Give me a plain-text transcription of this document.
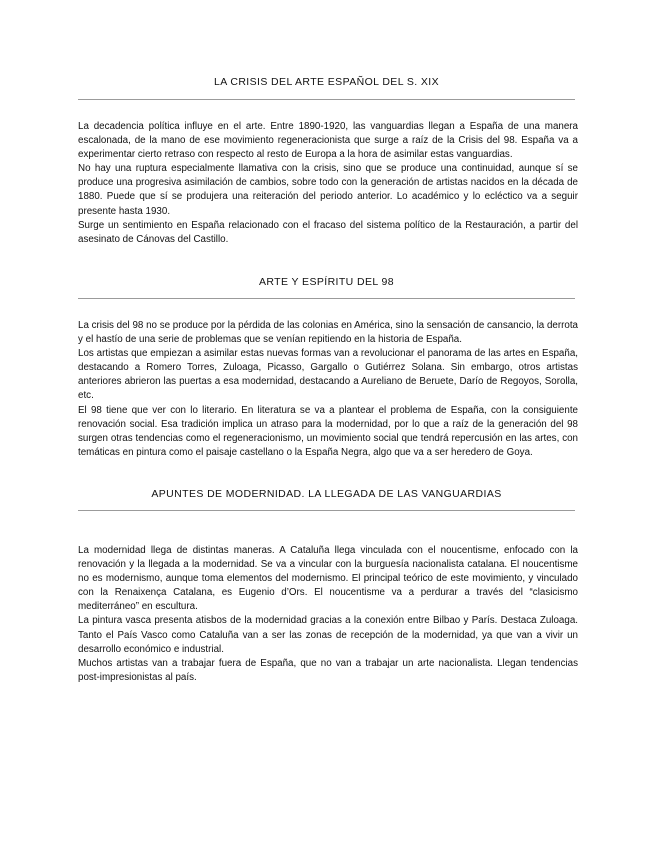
LA CRISIS DEL ARTE ESPAÑOL DEL S. XIX

La decadencia política influye en el arte. Entre 1890-1920, las vanguardias llegan a España de una manera escalonada, de la mano de ese movimiento regeneracionista que surge a raíz de la Crisis del 98. España va a experimentar cierto retraso con respecto al resto de Europa a la hora de asimilar estas vanguardias.

No hay una ruptura especialmente llamativa con la crisis, sino que se produce una continuidad, aunque sí se produce una progresiva asimilación de cambios, sobre todo con la generación de artistas nacidos en la década de 1880. Puede que sí se produjera una reiteración del periodo anterior. Lo académico y lo ecléctico va a seguir presente hasta 1930.

Surge un sentimiento en España relacionado con el fracaso del sistema político de la Restauración, a partir del asesinato de Cánovas del Castillo.

ARTE Y ESPÍRITU DEL 98

La crisis del 98 no se produce por la pérdida de las colonias en América, sino la sensación de cansancio, la derrota y el hastío de una serie de problemas que se venían repitiendo en la historia de España.

Los artistas que empiezan a asimilar estas nuevas formas van a revolucionar el panorama de las artes en España, destacando a Romero Torres, Zuloaga, Picasso, Gargallo o Gutiérrez Solana. Sin embargo, otros artistas anteriores abrieron las puertas a esa modernidad, destacando a Aureliano de Beruete, Darío de Regoyos, Sorolla, etc.

El 98 tiene que ver con lo literario. En literatura se va a plantear el problema de España, con la consiguiente renovación social. Esa tradición implica un atraso para la modernidad, por lo que a raíz de la generación del 98 surgen otras tendencias como el regeneracionismo, un movimiento social que tendrá repercusión en las artes, con temáticas en pintura como el paisaje castellano o la España Negra, algo que va a ser heredero de Goya.

APUNTES DE MODERNIDAD. LA LLEGADA DE LAS VANGUARDIAS

La modernidad llega de distintas maneras. A Cataluña llega vinculada con el noucentisme, enfocado con la renovación y la llegada a la modernidad. Se va a vincular con la burguesía nacionalista catalana. El noucentisme no es modernismo, aunque toma elementos del modernismo. El principal teórico de este movimiento, y vinculado con la Renaixença Catalana, es Eugenio d’Ors. El noucentisme va a perdurar a través del “clasicismo mediterráneo” en escultura.

La pintura vasca presenta atisbos de la modernidad gracias a la conexión entre Bilbao y París. Destaca Zuloaga. Tanto el País Vasco como Cataluña van a ser las zonas de recepción de la modernidad, ya que van a vivir un desarrollo económico e industrial.

Muchos artistas van a trabajar fuera de España, que no van a trabajar un arte nacionalista. Llegan tendencias post-impresionistas al país.
